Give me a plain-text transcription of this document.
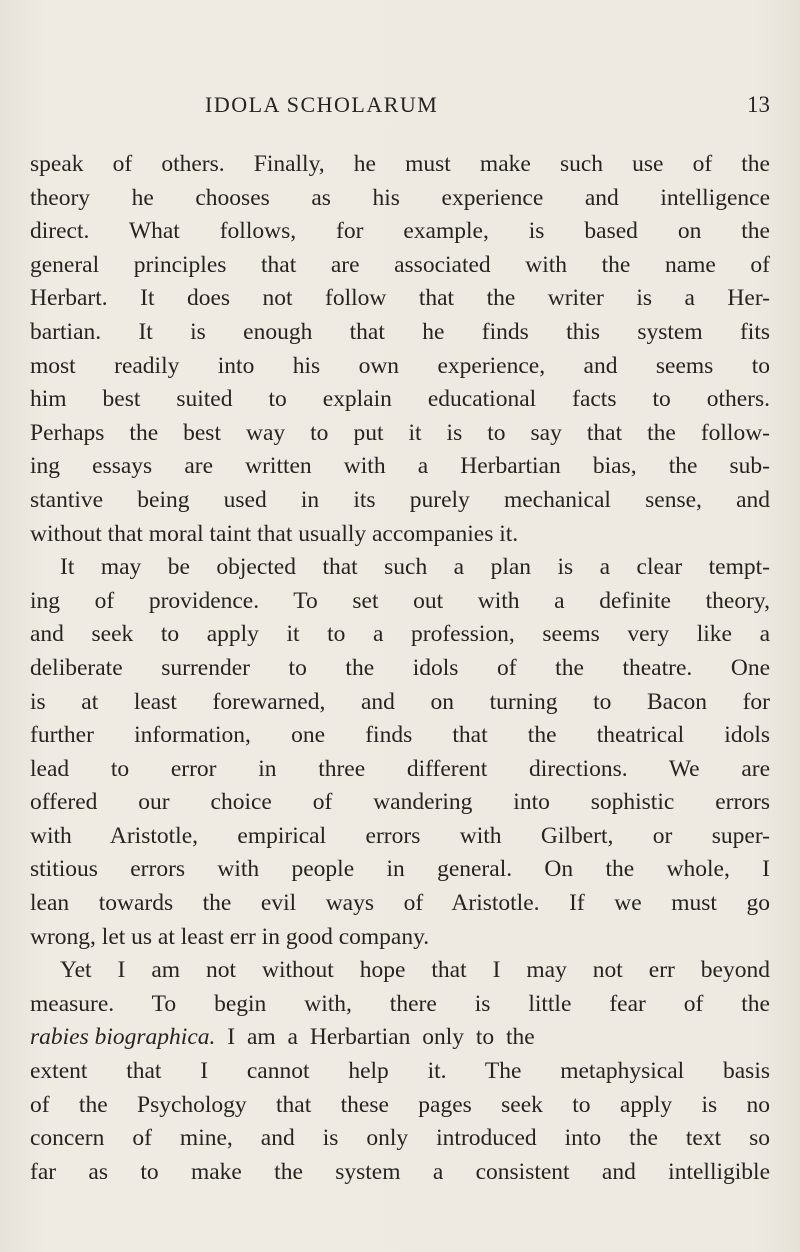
IDOLA SCHOLARUM	13
speak of others. Finally, he must make such use of the
theory he chooses as his experience and intelligence
direct. What follows, for example, is based on the
general principles that are associated with the name of
Herbart. It does not follow that the writer is a Her-
bartian. It is enough that he finds this system fits
most readily into his own experience, and seems to
him best suited to explain educational facts to others.
Perhaps the best way to put it is to say that the follow-
ing essays are written with a Herbartian bias, the sub-
stantive being used in its purely mechanical sense, and
without that moral taint that usually accompanies it.
It may be objected that such a plan is a clear tempt-
ing of providence. To set out with a definite theory,
and seek to apply it to a profession, seems very like a
deliberate surrender to the idols of the theatre. One
is at least forewarned, and on turning to Bacon for
further information, one finds that the theatrical idols
lead to error in three different directions. We are
offered our choice of wandering into sophistic errors
with Aristotle, empirical errors with Gilbert, or super-
stitious errors with people in general. On the whole, I
lean towards the evil ways of Aristotle. If we must go
wrong, let us at least err in good company.
Yet I am not without hope that I may not err beyond
measure. To begin with, there is little fear of the
rabies biographica. I am a Herbartian only to the
extent that I cannot help it. The metaphysical basis
of the Psychology that these pages seek to apply is no
concern of mine, and is only introduced into the text so
far as to make the system a consistent and intelligible
